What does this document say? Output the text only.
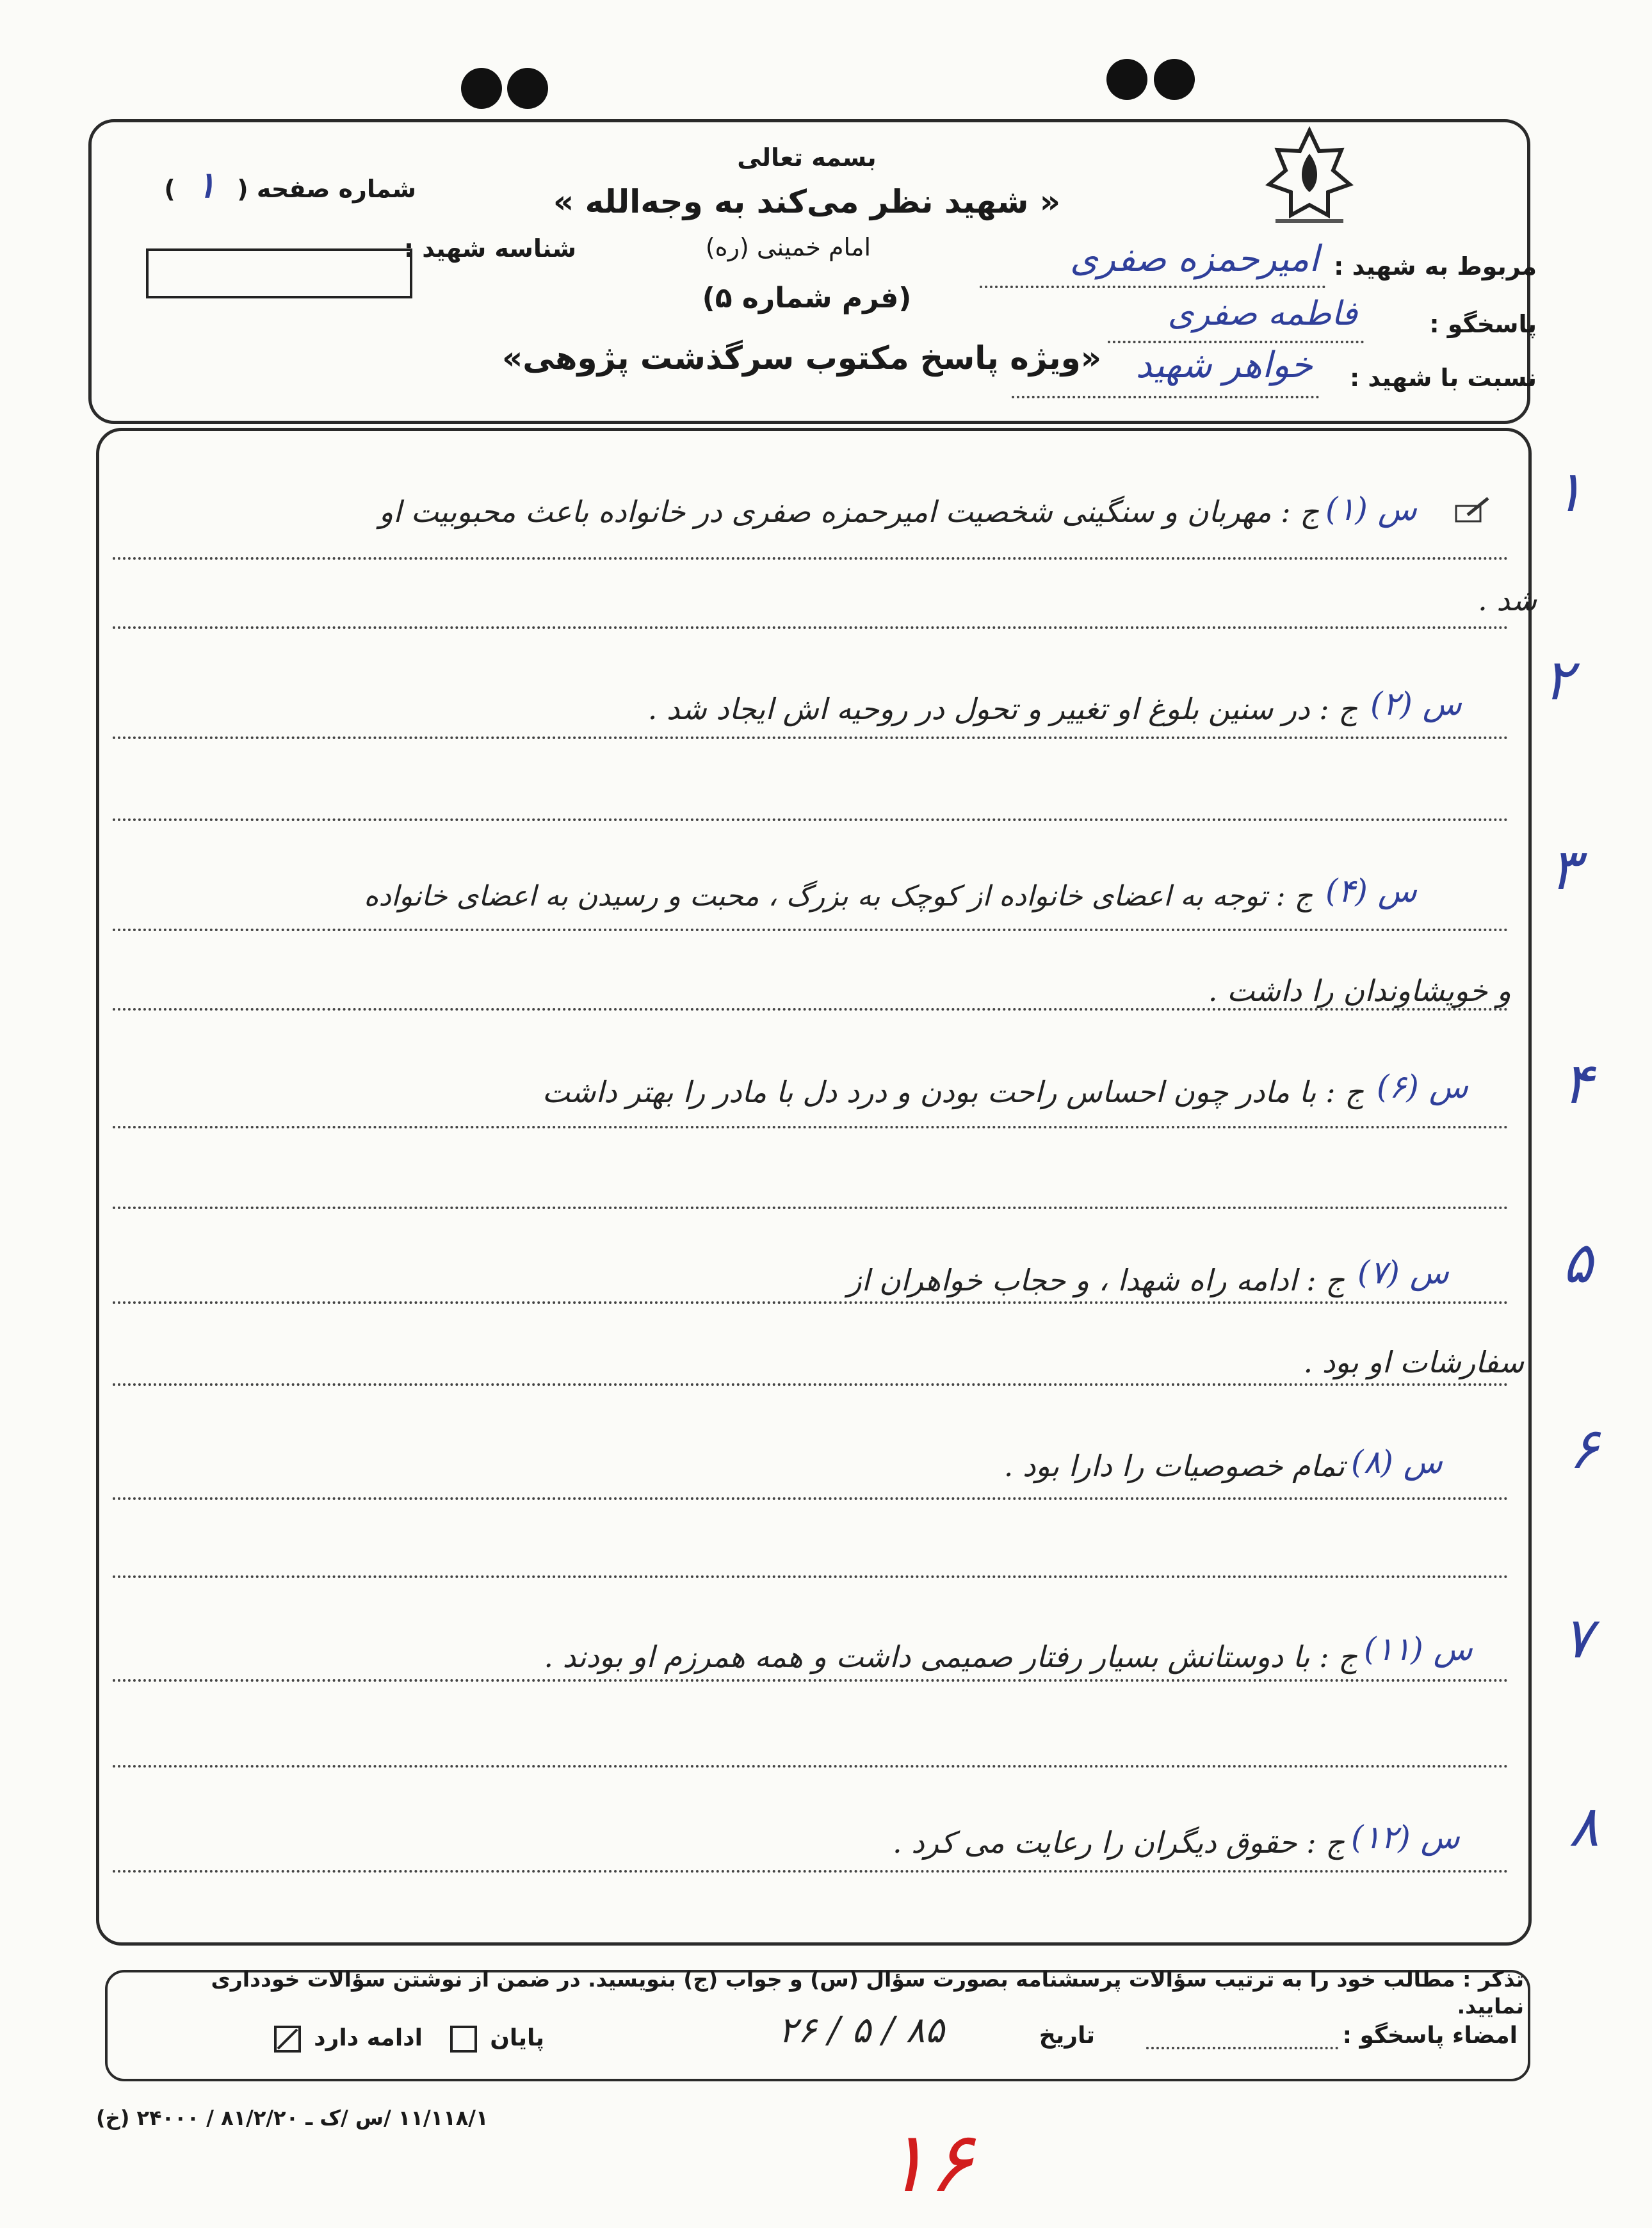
بسمه تعالی
« شهید نظر می‌کند به وجه‌الله »
امام خمینی (ره)
(فرم شماره ۵)
«ویژه پاسخ مکتوب سرگذشت پژوهی»
شماره صفحه ( ۱ )
شناسه شهید :
مربوط به شهید :
امیرحمزه صفری
پاسخگو :
فاطمه صفری
نسبت با شهید :
خواهر شهید
۱
س (۱)
ج : مهربان و سنگینی شخصیت امیرحمزه صفری در خانواده باعث محبوبیت او
شد .
۲
س (۲)
ج : در سنین بلوغ او تغییر و تحول در روحیه اش ایجاد شد .
۳
س (۴)
ج : توجه به اعضای خانواده از کوچک به بزرگ ، محبت و رسیدن به اعضای خانواده
و خویشاوندان را داشت .
۴
س (۶)
ج : با مادر چون احساس راحت بودن و درد دل با مادر را بهتر داشت
۵
س (۷)
ج : ادامه راه شهدا ، و حجاب خواهران از
سفارشات او بود .
۶
س (۸)
تمام خصوصیات را دارا بود .
۷
س (۱۱)
ج : با دوستانش بسیار رفتار صمیمی داشت و همه همرزم او بودند .
۸
س (۱۲)
ج : حقوق دیگران را رعایت می کرد .
تذکر : مطالب خود را به ترتیب سؤالات پرسشنامه بصورت سؤال (س) و جواب (ج) بنویسید. در ضمن از نوشتن سؤالات خودداری نمایید.
امضاء پاسخگو :
تاریخ
۸۵ / ۵ / ۲۶
پایان
ادامه دارد
۱۱/۱۱۸/۱ /س /ک ـ ۸۱/۲/۲۰ / ۲۴۰۰۰ (خ)	۱۶
